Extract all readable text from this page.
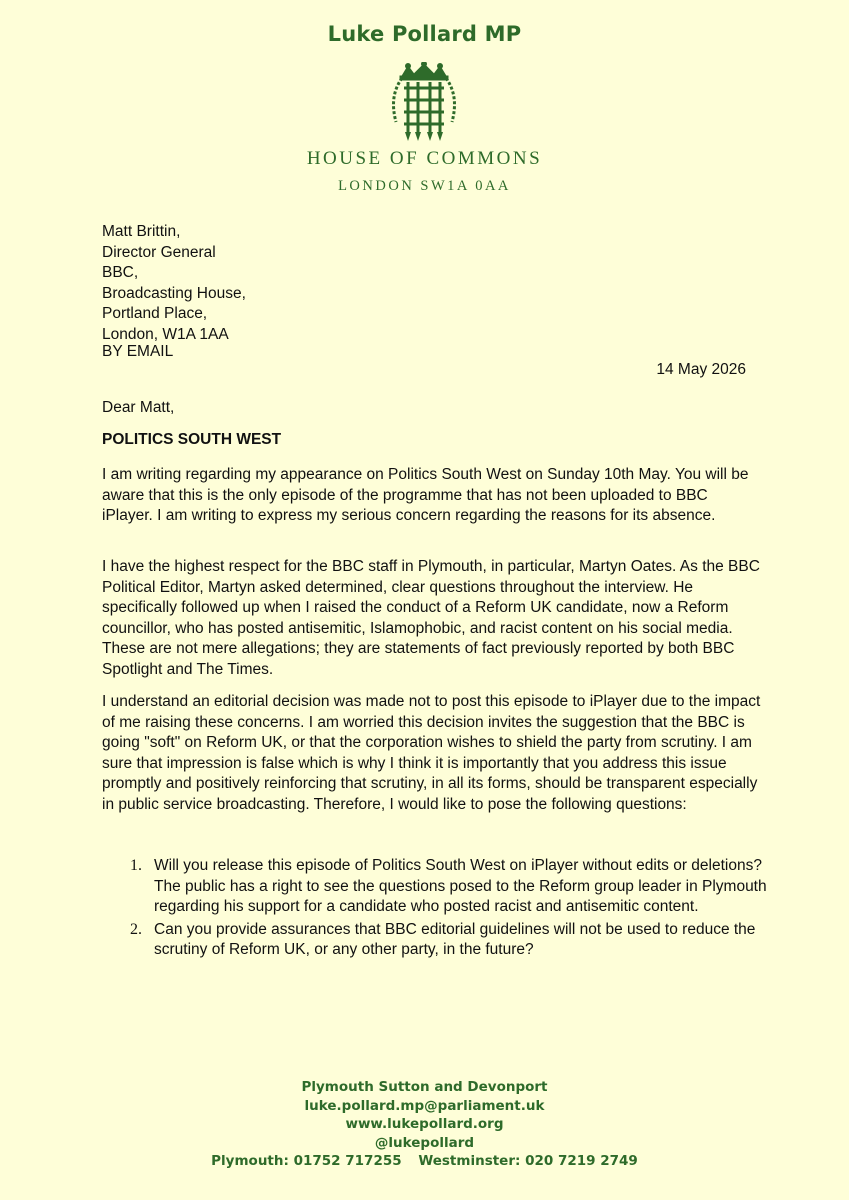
Luke Pollard MP
HOUSE OF COMMONS
LONDON SW1A 0AA
Matt Brittin,
Director General
BBC,
Broadcasting House,
Portland Place,
London, W1A 1AA
BY EMAIL
14 May 2026
Dear Matt,
POLITICS SOUTH WEST

I am writing regarding my appearance on Politics South West on Sunday 10th May. You will be aware that this is the only episode of the programme that has not been uploaded to BBC iPlayer. I am writing to express my serious concern regarding the reasons for its absence.

I have the highest respect for the BBC staff in Plymouth, in particular, Martyn Oates. As the BBC Political Editor, Martyn asked determined, clear questions throughout the interview. He specifically followed up when I raised the conduct of a Reform UK candidate, now a Reform councillor, who has posted antisemitic, Islamophobic, and racist content on his social media. These are not mere allegations; they are statements of fact previously reported by both BBC Spotlight and The Times.

I understand an editorial decision was made not to post this episode to iPlayer due to the impact of me raising these concerns. I am worried this decision invites the suggestion that the BBC is going "soft" on Reform UK, or that the corporation wishes to shield the party from scrutiny. I am sure that impression is false which is why I think it is importantly that you address this issue promptly and positively reinforcing that scrutiny, in all its forms, should be transparent especially in public service broadcasting. Therefore, I would like to pose the following questions:

1. Will you release this episode of Politics South West on iPlayer without edits or deletions? The public has a right to see the questions posed to the Reform group leader in Plymouth regarding his support for a candidate who posted racist and antisemitic content.
2. Can you provide assurances that BBC editorial guidelines will not be used to reduce the scrutiny of Reform UK, or any other party, in the future?
Plymouth Sutton and Devonport
luke.pollard.mp@parliament.uk
www.lukepollard.org
@lukepollard
Plymouth: 01752 717255 Westminster: 020 7219 2749
